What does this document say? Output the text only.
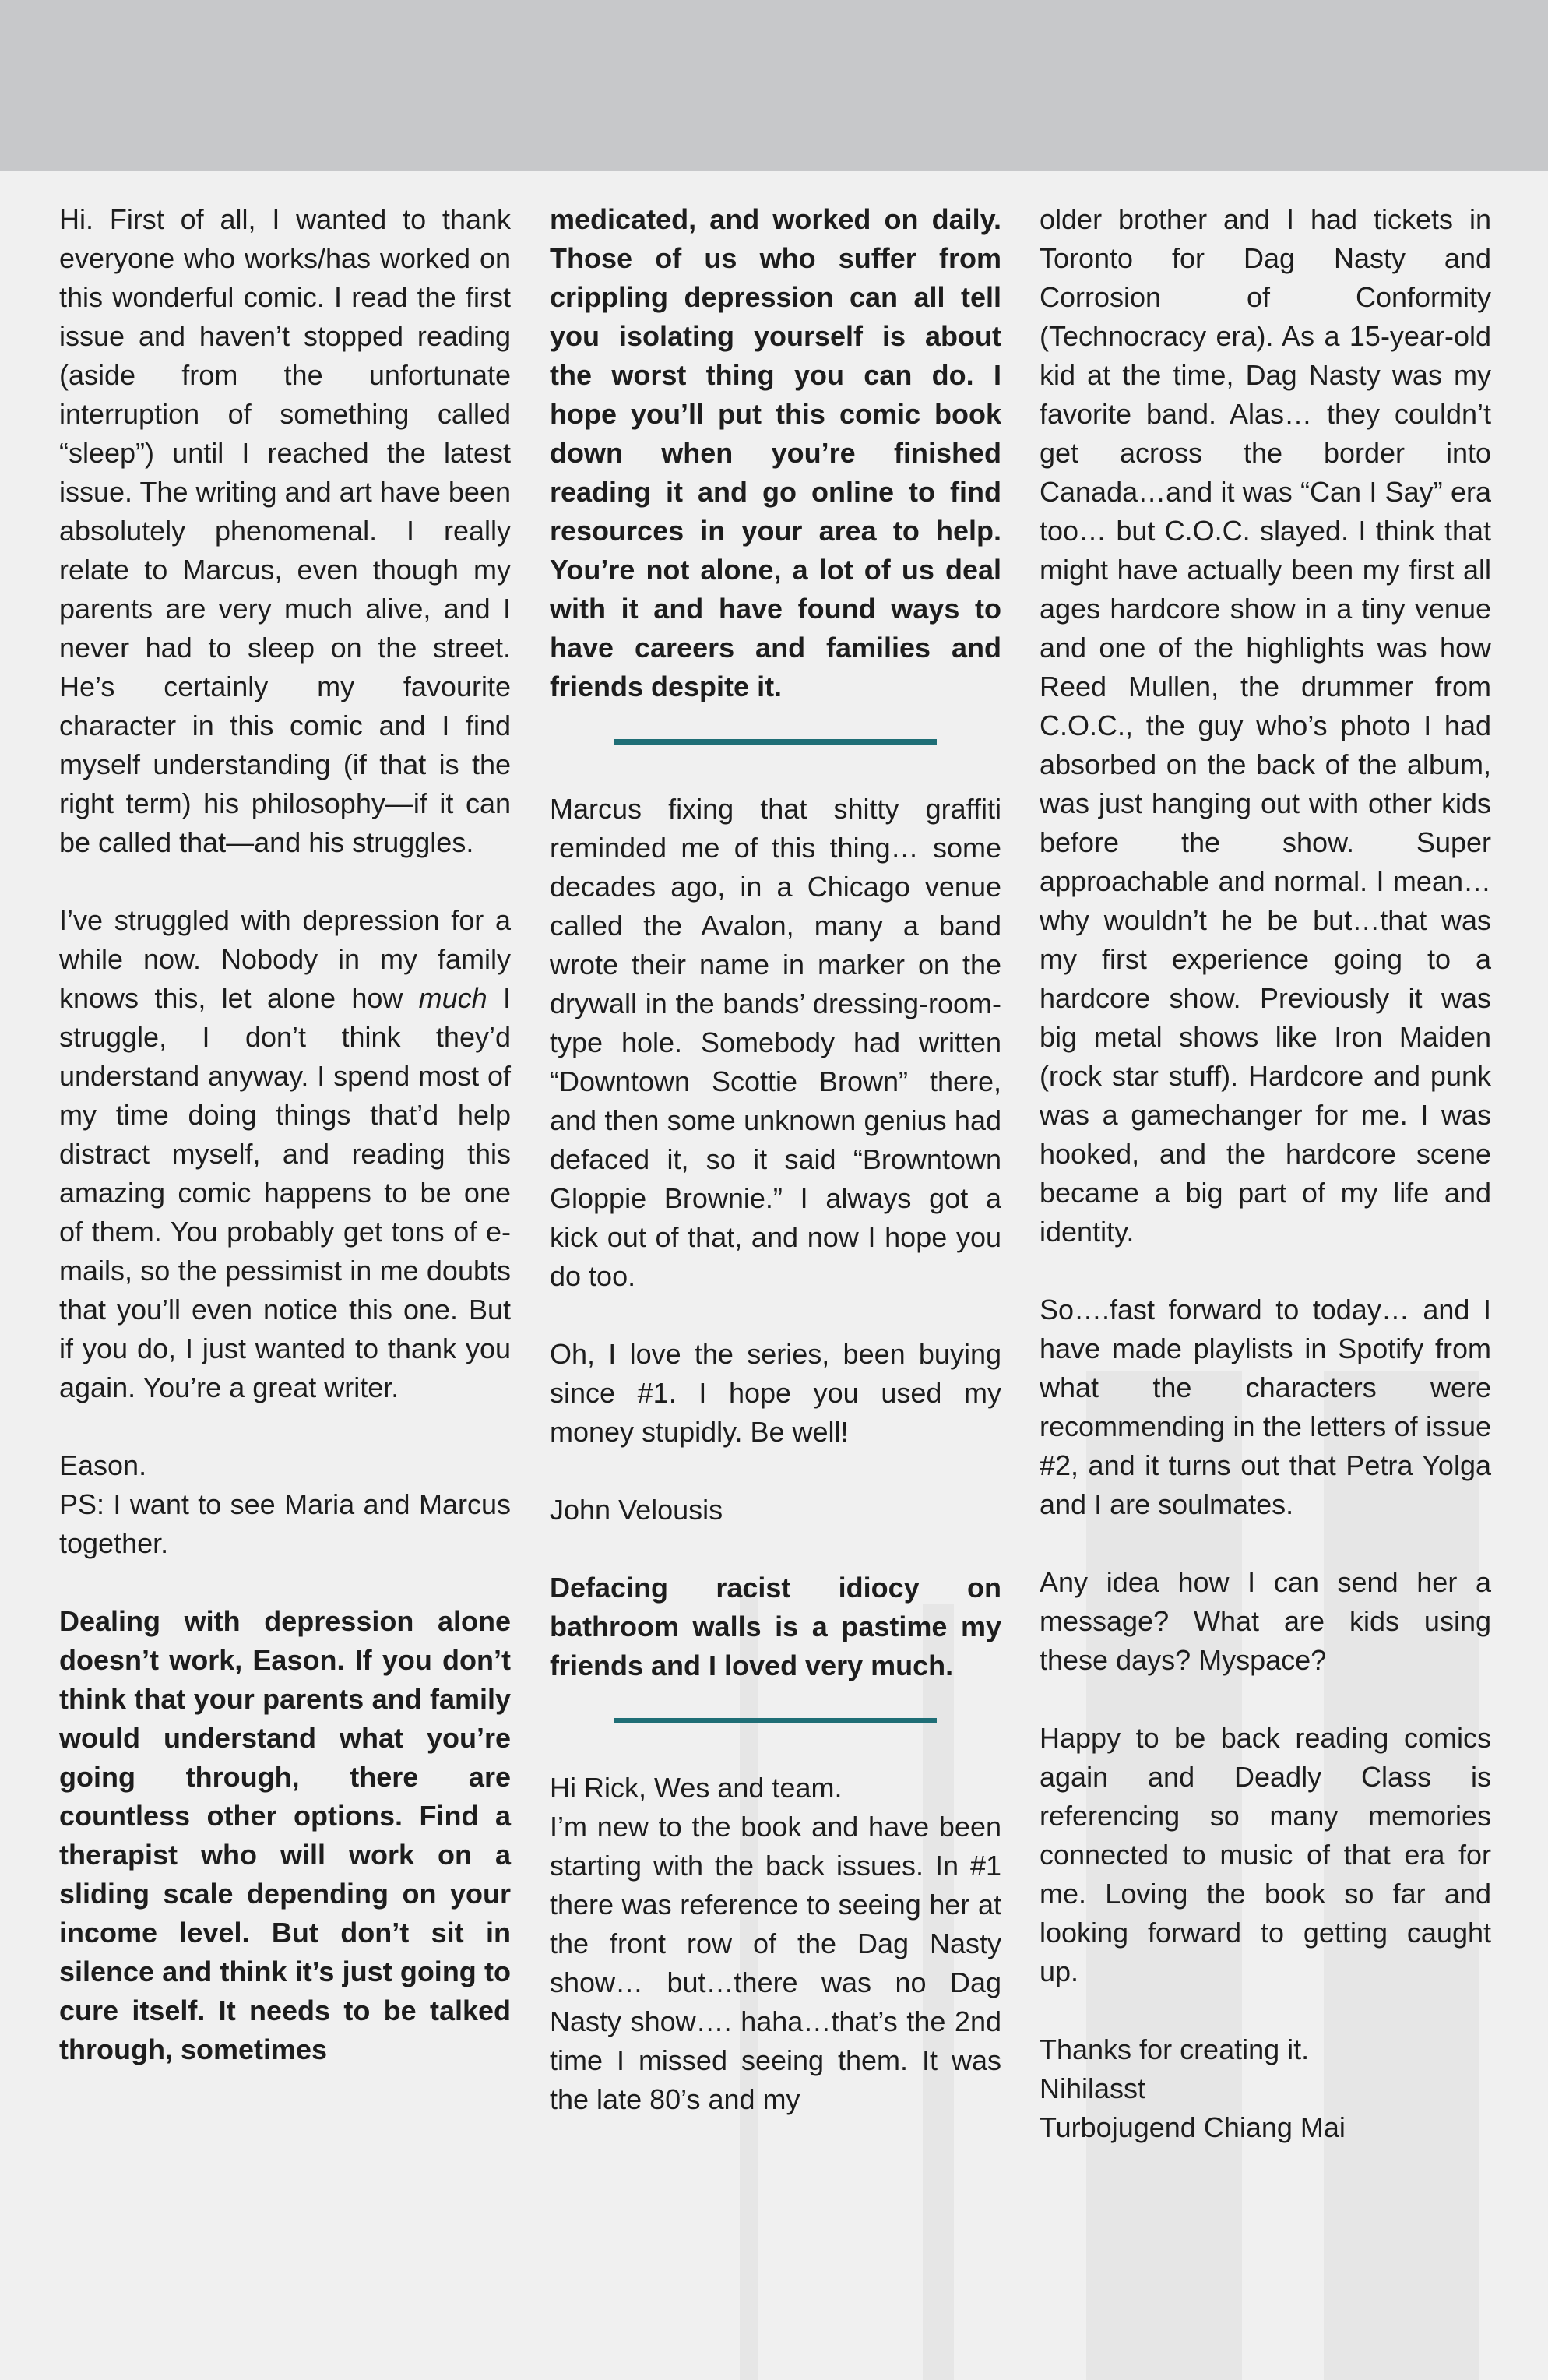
Hi. First of all, I wanted to thank everyone who works/has worked on this wonderful comic. I read the first issue and haven’t stopped reading (aside from the unfortunate interruption of something called “sleep”) until I reached the latest issue. The writing and art have been absolutely phenomenal. I really relate to Marcus, even though my parents are very much alive, and I never had to sleep on the street. He’s certainly my favourite character in this comic and I find myself understanding (if that is the right term) his philosophy—if it can be called that—and his struggles.

I’ve struggled with depression for a while now. Nobody in my family knows this, let alone how much I struggle, I don’t think they’d understand anyway. I spend most of my time doing things that’d help distract myself, and reading this amazing comic happens to be one of them. You probably get tons of e-mails, so the pessimist in me doubts that you’ll even notice this one. But if you do, I just wanted to thank you again. You’re a great writer.

Eason.

PS: I want to see Maria and Marcus together.

Dealing with depression alone doesn’t work, Eason. If you don’t think that your parents and family would understand what you’re going through, there are countless other options. Find a therapist who will work on a sliding scale depending on your income level. But don’t sit in silence and think it’s just going to cure itself. It needs to be talked through, sometimes

medicated, and worked on daily. Those of us who suffer from crippling depression can all tell you isolating yourself is about the worst thing you can do. I hope you’ll put this comic book down when you’re finished reading it and go online to find resources in your area to help. You’re not alone, a lot of us deal with it and have found ways to have careers and families and friends despite it.

Marcus fixing that shitty graffiti reminded me of this thing… some decades ago, in a Chicago venue called the Avalon, many a band wrote their name in marker on the drywall in the bands’ dressing-room-type hole. Somebody had written “Downtown Scottie Brown” there, and then some unknown genius had defaced it, so it said “Browntown Gloppie Brownie.” I always got a kick out of that, and now I hope you do too.

Oh, I love the series, been buying since #1. I hope you used my money stupidly. Be well!

John Velousis

Defacing racist idiocy on bathroom walls is a pastime my friends and I loved very much.

Hi Rick, Wes and team.

I’m new to the book and have been starting with the back issues. In #1 there was reference to seeing her at the front row of the Dag Nasty show… but…there was no Dag Nasty show…. haha…that’s the 2nd time I missed seeing them. It was the late 80’s and my

older brother and I had tickets in Toronto for Dag Nasty and Corrosion of Conformity (Technocracy era). As a 15-year-old kid at the time, Dag Nasty was my favorite band. Alas… they couldn’t get across the border into Canada…and it was “Can I Say” era too… but C.O.C. slayed. I think that might have actually been my first all ages hardcore show in a tiny venue and one of the highlights was how Reed Mullen, the drummer from C.O.C., the guy who’s photo I had absorbed on the back of the album, was just hanging out with other kids before the show. Super approachable and normal. I mean…why wouldn’t he be but…that was my first experience going to a hardcore show. Previously it was big metal shows like Iron Maiden (rock star stuff). Hardcore and punk was a gamechanger for me. I was hooked, and the hardcore scene became a big part of my life and identity.

So….fast forward to today… and I have made playlists in Spotify from what the characters were recommending in the letters of issue #2, and it turns out that Petra Yolga and I are soulmates.

Any idea how I can send her a message? What are kids using these days? Myspace?

Happy to be back reading comics again and Deadly Class is referencing so many memories connected to music of that era for me. Loving the book so far and looking forward to getting caught up.

Thanks for creating it.

Nihilasst

Turbojugend Chiang Mai
